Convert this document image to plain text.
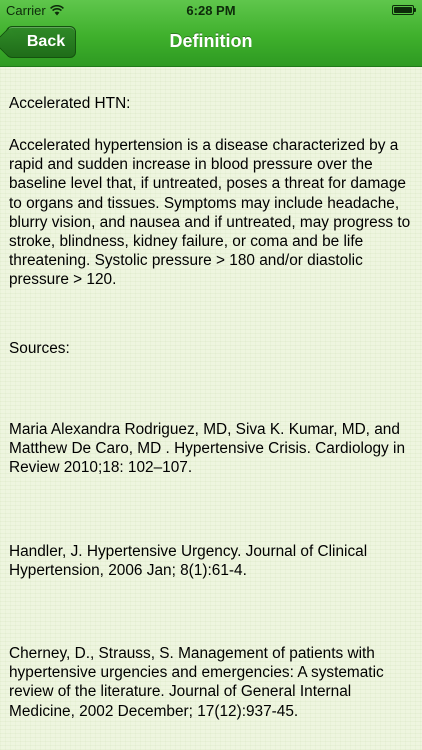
Carrier	6:28 PM
Back	Definition

Accelerated HTN:

Accelerated hypertension is a disease characterized by a rapid and sudden increase in blood pressure over the baseline level that, if untreated, poses a threat for damage to organs and tissues. Symptoms may include headache, blurry vision, and nausea and if untreated, may progress to stroke, blindness, kidney failure, or coma and be life threatening. Systolic pressure > 180 and/or diastolic pressure > 120.

Sources:

Maria Alexandra Rodriguez, MD, Siva K. Kumar, MD, and Matthew De Caro, MD . Hypertensive Crisis. Cardiology in Review 2010;18: 102–107.

Handler, J. Hypertensive Urgency. Journal of Clinical Hypertension, 2006 Jan; 8(1):61-4.

Cherney, D., Strauss, S. Management of patients with hypertensive urgencies and emergencies: A systematic review of the literature. Journal of General Internal Medicine, 2002 December; 17(12):937-45.
